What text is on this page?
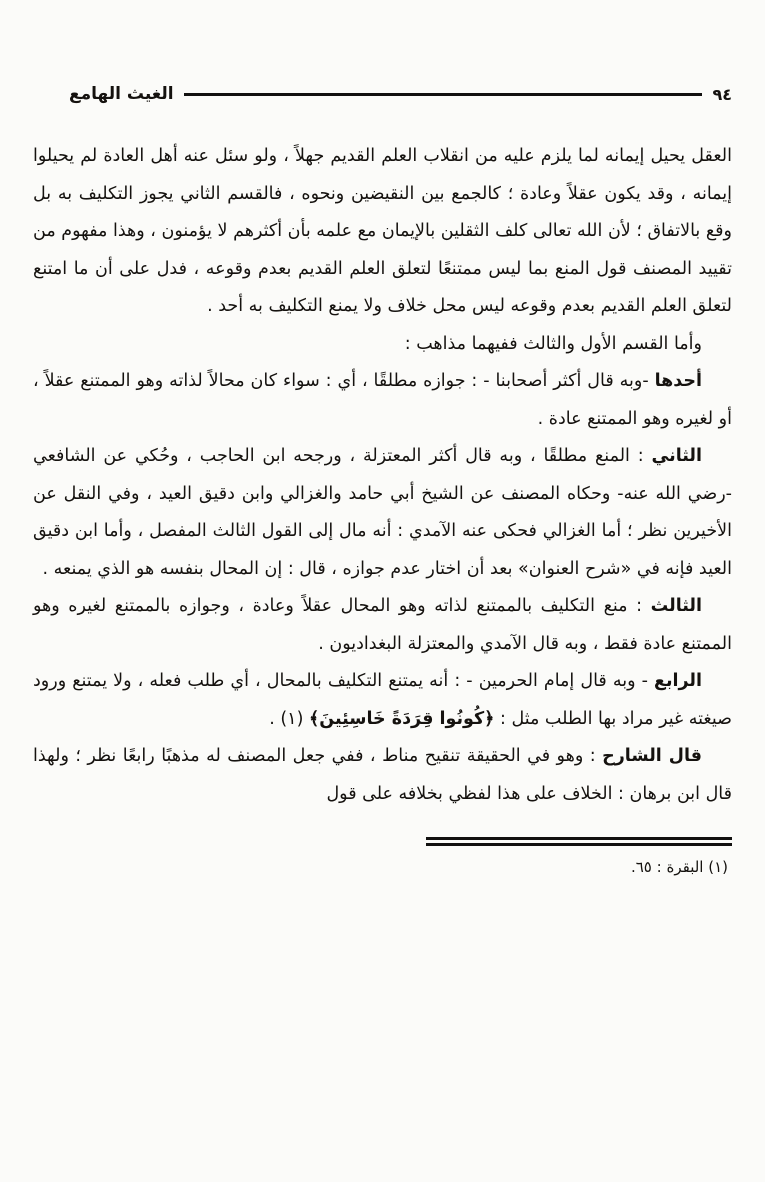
٩٤
الغيث الهامع

العقل يحيل إيمانه لما يلزم عليه من انقلاب العلم القديم جهلاً ، ولو سئل عنه أهل العادة لم يحيلوا إيمانه ، وقد يكون عقلاً وعادة ؛ كالجمع بين النقيضين ونحوه ، فالقسم الثاني يجوز التكليف به بل وقع بالاتفاق ؛ لأن الله تعالى كلف الثقلين بالإيمان مع علمه بأن أكثرهم لا يؤمنون ، وهذا مفهوم من تقييد المصنف قول المنع بما ليس ممتنعًا لتعلق العلم القديم بعدم وقوعه ، فدل على أن ما امتنع لتعلق العلم القديم بعدم وقوعه ليس محل خلاف ولا يمنع التكليف به أحد .

وأما القسم الأول والثالث ففيهما مذاهب :

أحدها -وبه قال أكثر أصحابنا - : جوازه مطلقًا ، أي : سواء كان محالاً لذاته وهو الممتنع عقلاً ، أو لغيره وهو الممتنع عادة .

الثاني : المنع مطلقًا ، وبه قال أكثر المعتزلة ، ورجحه ابن الحاجب ، وحُكي عن الشافعي -رضي الله عنه- وحكاه المصنف عن الشيخ أبي حامد والغزالي وابن دقيق العيد ، وفي النقل عن الأخيرين نظر ؛ أما الغزالي فحكى عنه الآمدي : أنه مال إلى القول الثالث المفصل ، وأما ابن دقيق العيد فإنه في «شرح العنوان» بعد أن اختار عدم جوازه ، قال : إن المحال بنفسه هو الذي يمنعه .

الثالث : منع التكليف بالممتنع لذاته وهو المحال عقلاً وعادة ، وجوازه بالممتنع لغيره وهو الممتنع عادة فقط ، وبه قال الآمدي والمعتزلة البغداديون .

الرابع - وبه قال إمام الحرمين - : أنه يمتنع التكليف بالمحال ، أي طلب فعله ، ولا يمتنع ورود صيغته غير مراد بها الطلب مثل : ﴿كُونُوا قِرَدَةً خَاسِئِينَ﴾ (١) .

قال الشارح : وهو في الحقيقة تنقيح مناط ، ففي جعل المصنف له مذهبًا رابعًا نظر ؛ ولهذا قال ابن برهان : الخلاف على هذا لفظي بخلافه على قول

(١) البقرة : ٦٥.
